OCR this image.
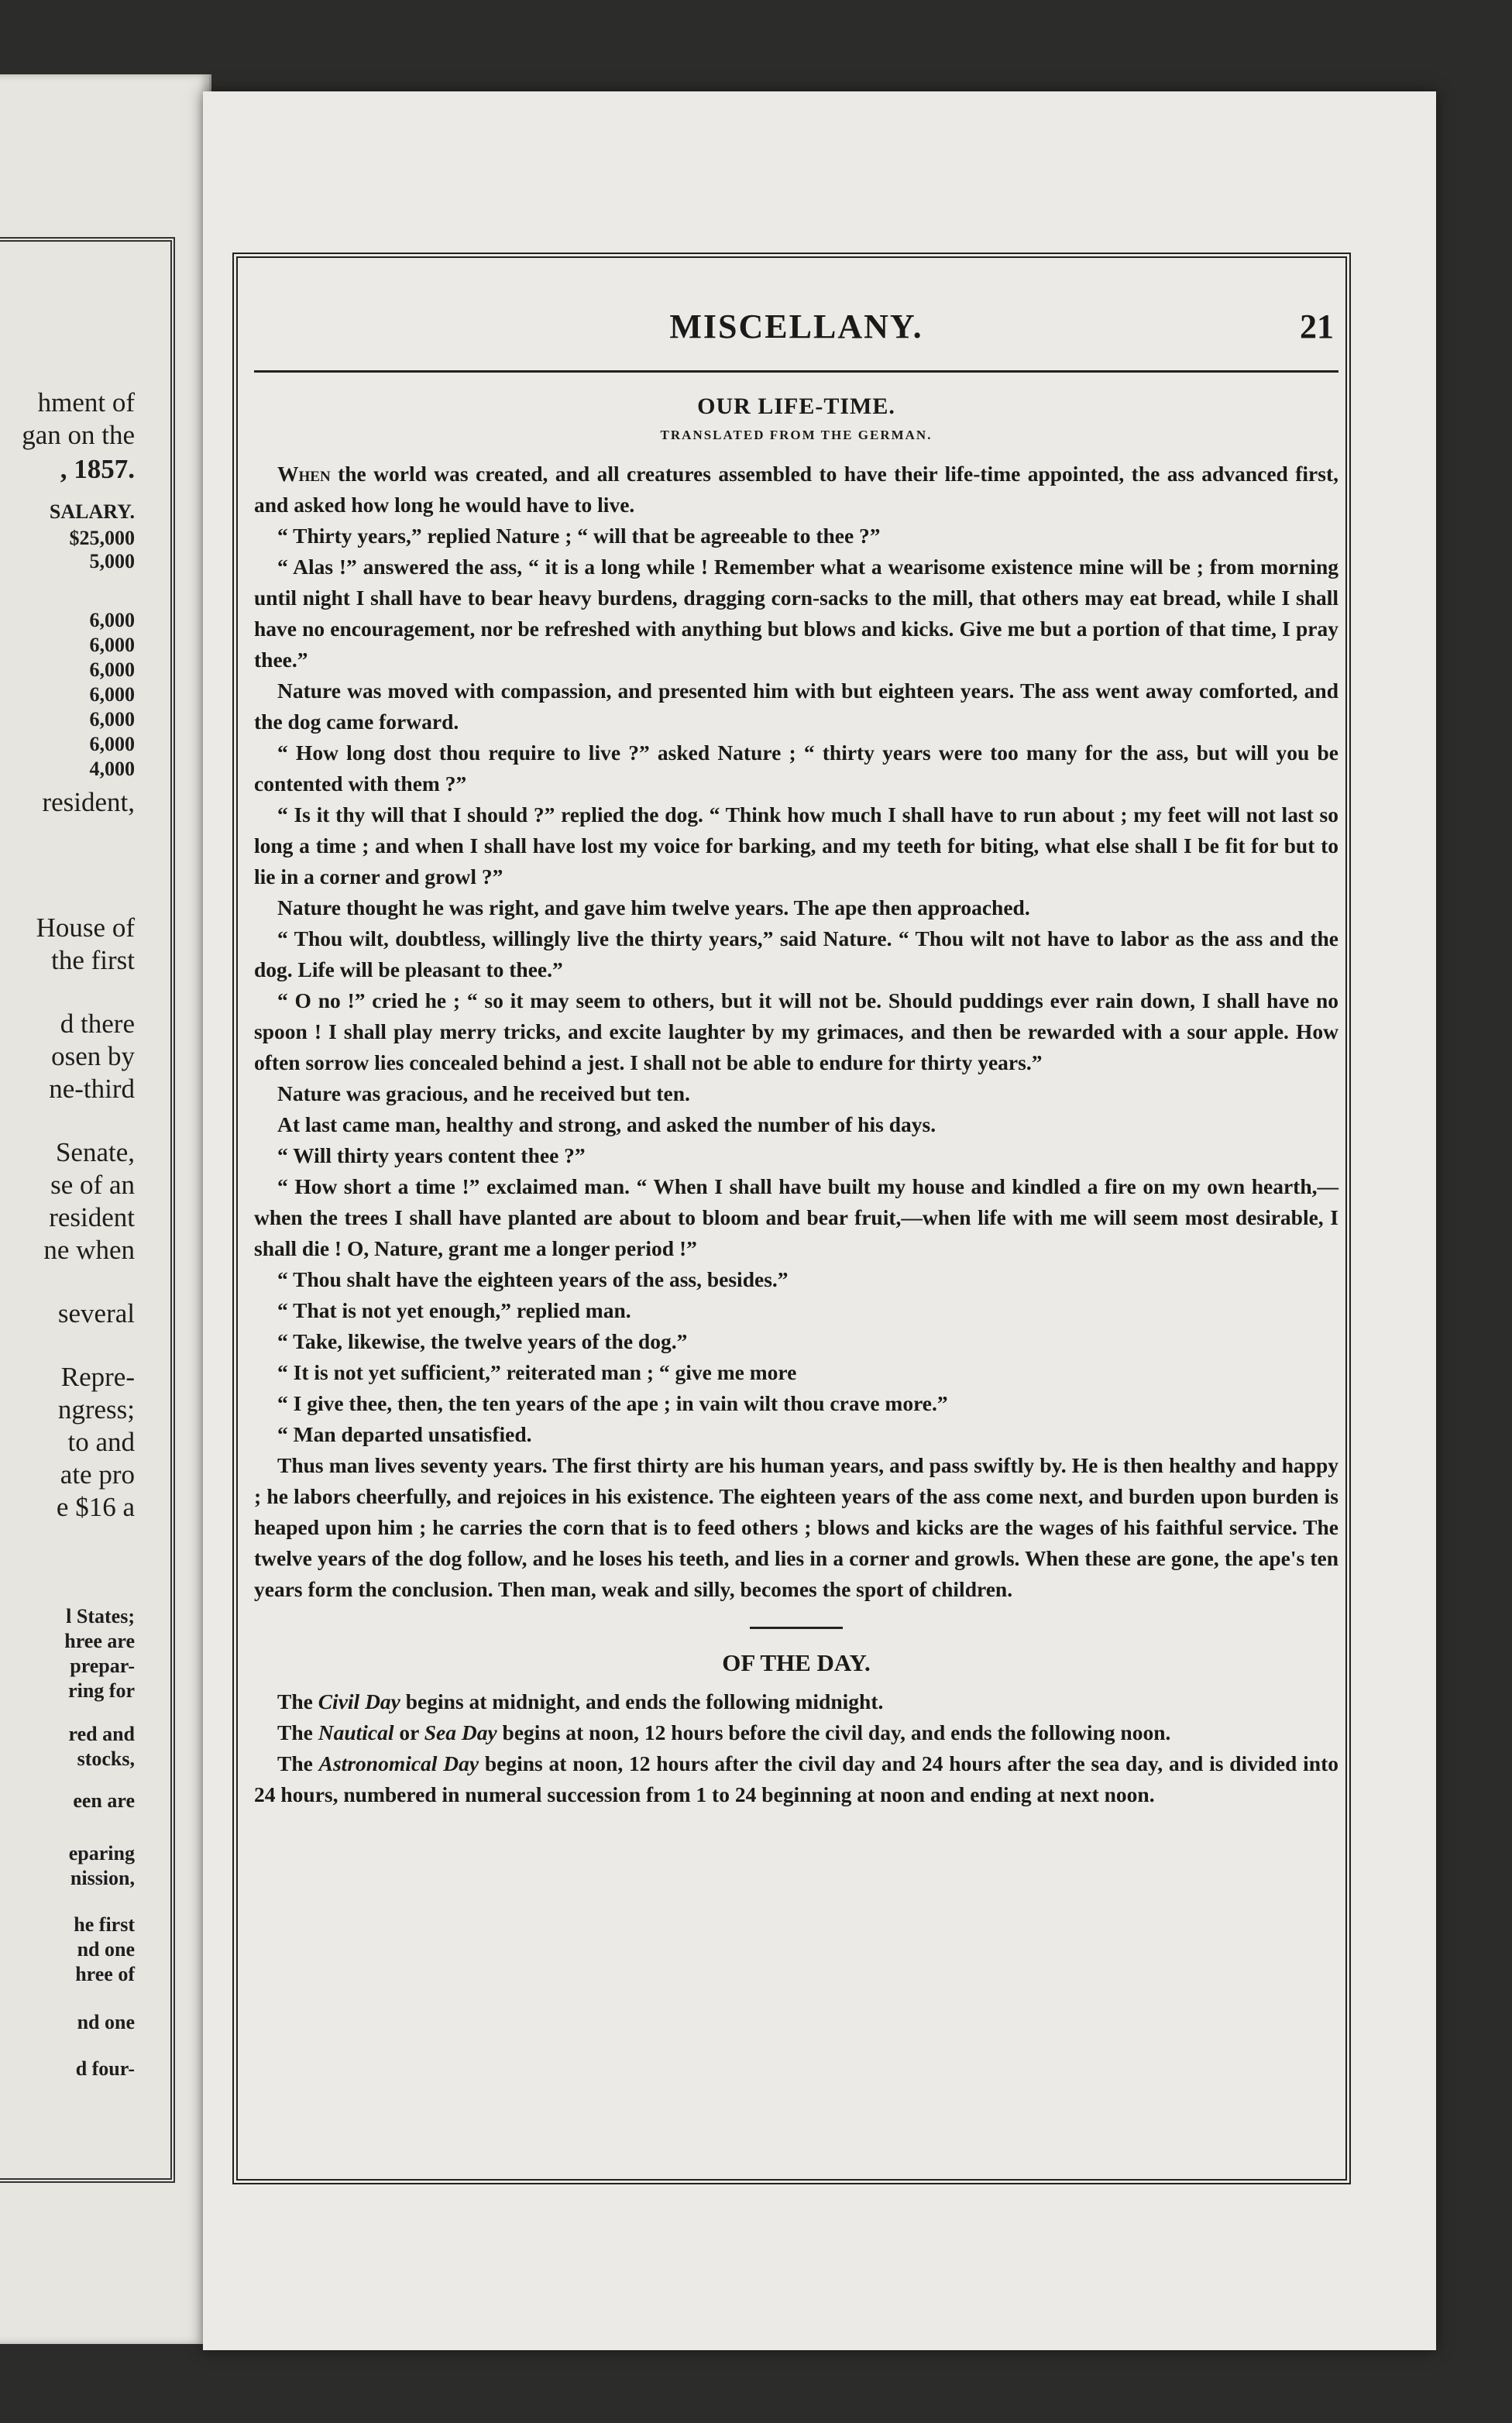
hment of
gan on the
, 1857.
SALARY.
$25,000
5,000
6,000
6,000
6,000
6,000
6,000
6,000
4,000
resident,
House of
the first
d there
osen by
ne-third
Senate,
se of an
resident
ne when
several
Repre-
ngress;
to and
ate pro
e $16 a
l States;
hree are
prepar-
ring for
red and
stocks,
een are
eparing
nission,
he first
nd one
hree of
nd one
d four-
MISCELLANY.	21
OUR LIFE-TIME.
TRANSLATED FROM THE GERMAN.

When the world was created, and all creatures assembled to have their life-time appointed, the ass advanced first, and asked how long he would have to live.

“ Thirty years,” replied Nature ; “ will that be agreeable to thee ?”

“ Alas !” answered the ass, “ it is a long while ! Remember what a wearisome existence mine will be ; from morning until night I shall have to bear heavy burdens, dragging corn-sacks to the mill, that others may eat bread, while I shall have no encouragement, nor be refreshed with anything but blows and kicks. Give me but a portion of that time, I pray thee.”

Nature was moved with compassion, and presented him with but eighteen years. The ass went away comforted, and the dog came forward.

“ How long dost thou require to live ?” asked Nature ; “ thirty years were too many for the ass, but will you be contented with them ?”

“ Is it thy will that I should ?” replied the dog. “ Think how much I shall have to run about ; my feet will not last so long a time ; and when I shall have lost my voice for barking, and my teeth for biting, what else shall I be fit for but to lie in a corner and growl ?”

Nature thought he was right, and gave him twelve years. The ape then approached.

“ Thou wilt, doubtless, willingly live the thirty years,” said Nature. “ Thou wilt not have to labor as the ass and the dog. Life will be pleasant to thee.”

“ O no !” cried he ; “ so it may seem to others, but it will not be. Should puddings ever rain down, I shall have no spoon ! I shall play merry tricks, and excite laughter by my grimaces, and then be rewarded with a sour apple. How often sorrow lies concealed behind a jest. I shall not be able to endure for thirty years.”

Nature was gracious, and he received but ten.

At last came man, healthy and strong, and asked the number of his days.

“ Will thirty years content thee ?”

“ How short a time !” exclaimed man. “ When I shall have built my house and kindled a fire on my own hearth,—when the trees I shall have planted are about to bloom and bear fruit,—when life with me will seem most desirable, I shall die ! O, Nature, grant me a longer period !”

“ Thou shalt have the eighteen years of the ass, besides.”

“ That is not yet enough,” replied man.

“ Take, likewise, the twelve years of the dog.”

“ It is not yet sufficient,” reiterated man ; “ give me more

“ I give thee, then, the ten years of the ape ; in vain wilt thou crave more.”

“ Man departed unsatisfied.

Thus man lives seventy years. The first thirty are his human years, and pass swiftly by. He is then healthy and happy ; he labors cheerfully, and rejoices in his existence. The eighteen years of the ass come next, and burden upon burden is heaped upon him ; he carries the corn that is to feed others ; blows and kicks are the wages of his faithful service. The twelve years of the dog follow, and he loses his teeth, and lies in a corner and growls. When these are gone, the ape's ten years form the conclusion. Then man, weak and silly, becomes the sport of children.

OF THE DAY.

The Civil Day begins at midnight, and ends the following midnight.

The Nautical or Sea Day begins at noon, 12 hours before the civil day, and ends the following noon.

The Astronomical Day begins at noon, 12 hours after the civil day and 24 hours after the sea day, and is divided into 24 hours, numbered in numeral succession from 1 to 24 beginning at noon and ending at next noon.
